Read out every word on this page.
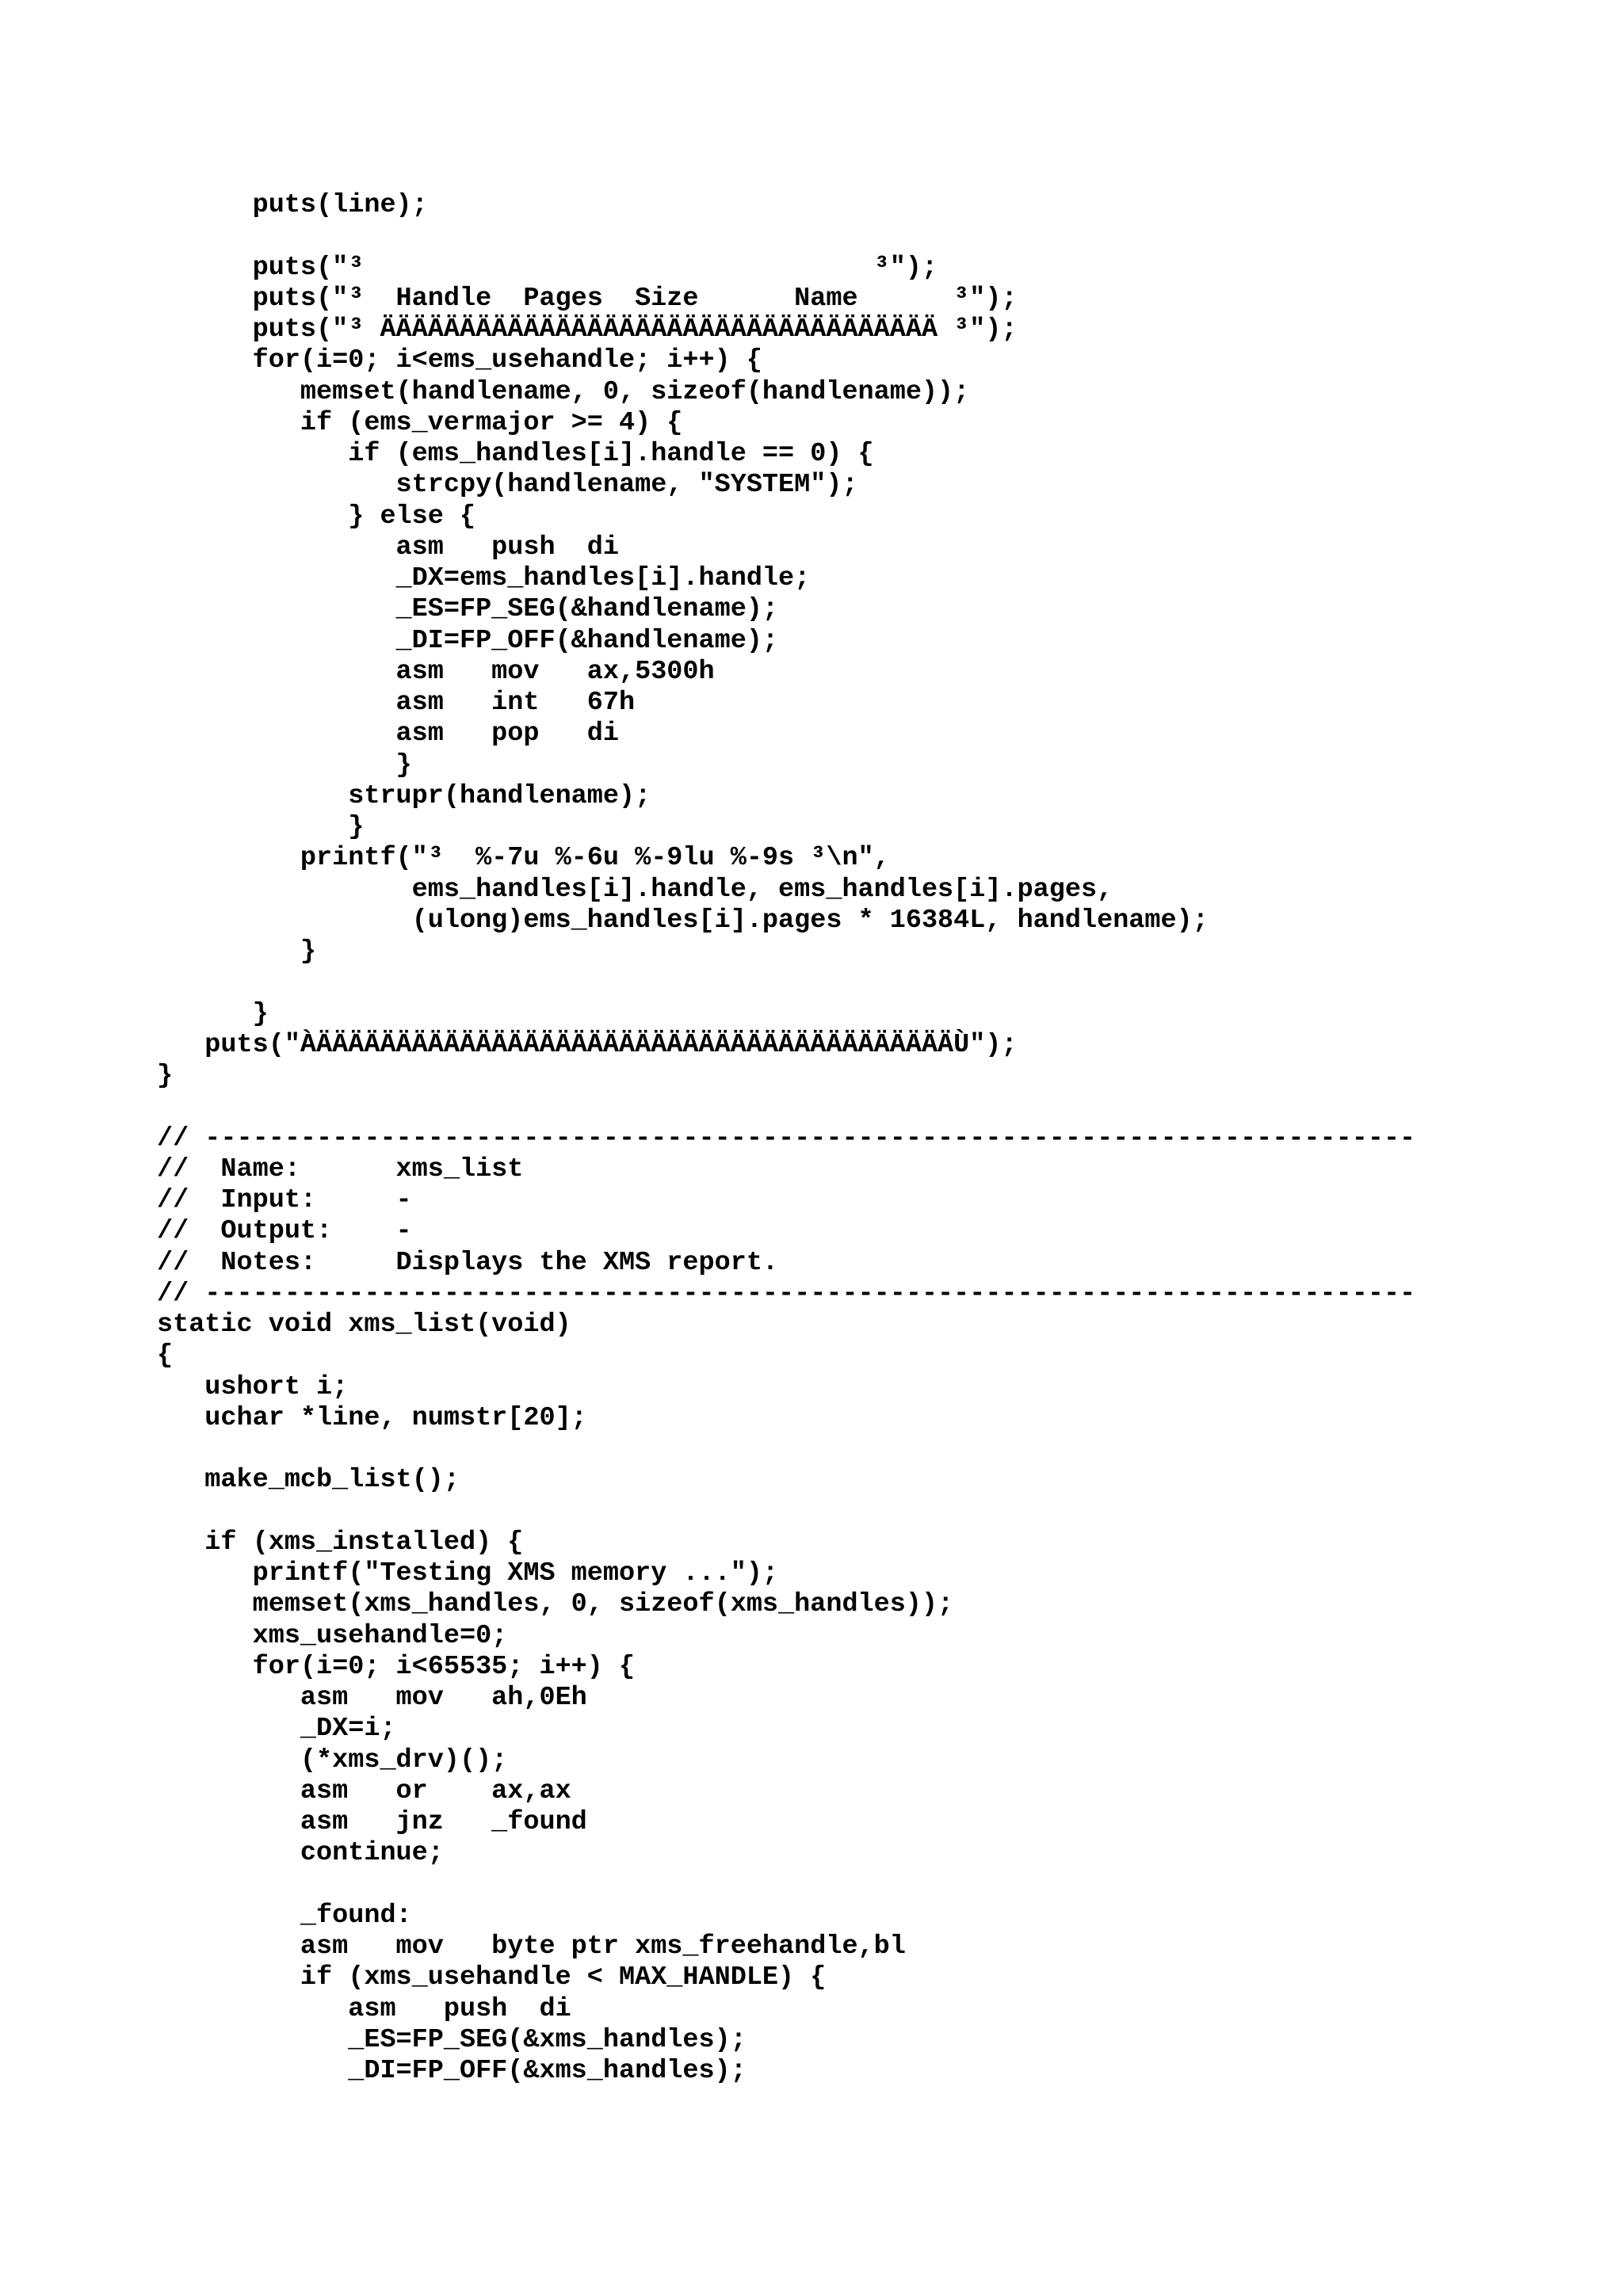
puts(line);
puts("³                                ³");
puts("³  Handle  Pages  Size      Name      ³");
puts("³ ÄÄÄÄÄÄÄÄÄÄÄÄÄÄÄÄÄÄÄÄÄÄÄÄÄÄÄÄÄÄÄÄÄÄÄ ³");
for(i=0; i<ems_usehandle; i++) {
memset(handlename, 0, sizeof(handlename));
if (ems_vermajor >= 4) {
if (ems_handles[i].handle == 0) {
strcpy(handlename, "SYSTEM");
} else {
asm   push  di
_DX=ems_handles[i].handle;
_ES=FP_SEG(&handlename);
_DI=FP_OFF(&handlename);
asm   mov   ax,5300h
asm   int   67h
asm   pop   di
}
strupr(handlename);
}
printf("³  %-7u %-6u %-9lu %-9s ³\n",
ems_handles[i].handle, ems_handles[i].pages,
(ulong)ems_handles[i].pages * 16384L, handlename);
}
}
puts("ÀÄÄÄÄÄÄÄÄÄÄÄÄÄÄÄÄÄÄÄÄÄÄÄÄÄÄÄÄÄÄÄÄÄÄÄÄÄÄÄÄÙ");
}
// ----------------------------------------------------------------------------
//  Name:      xms_list
//  Input:     -
//  Output:    -
//  Notes:     Displays the XMS report.
// ----------------------------------------------------------------------------
static void xms_list(void)
{
ushort i;
uchar *line, numstr[20];
make_mcb_list();
if (xms_installed) {
printf("Testing XMS memory ...");
memset(xms_handles, 0, sizeof(xms_handles));
xms_usehandle=0;
for(i=0; i<65535; i++) {
asm   mov   ah,0Eh
_DX=i;
(*xms_drv)();
asm   or    ax,ax
asm   jnz   _found
continue;
_found:
asm   mov   byte ptr xms_freehandle,bl
if (xms_usehandle < MAX_HANDLE) {
asm   push  di
_ES=FP_SEG(&xms_handles);
_DI=FP_OFF(&xms_handles);
